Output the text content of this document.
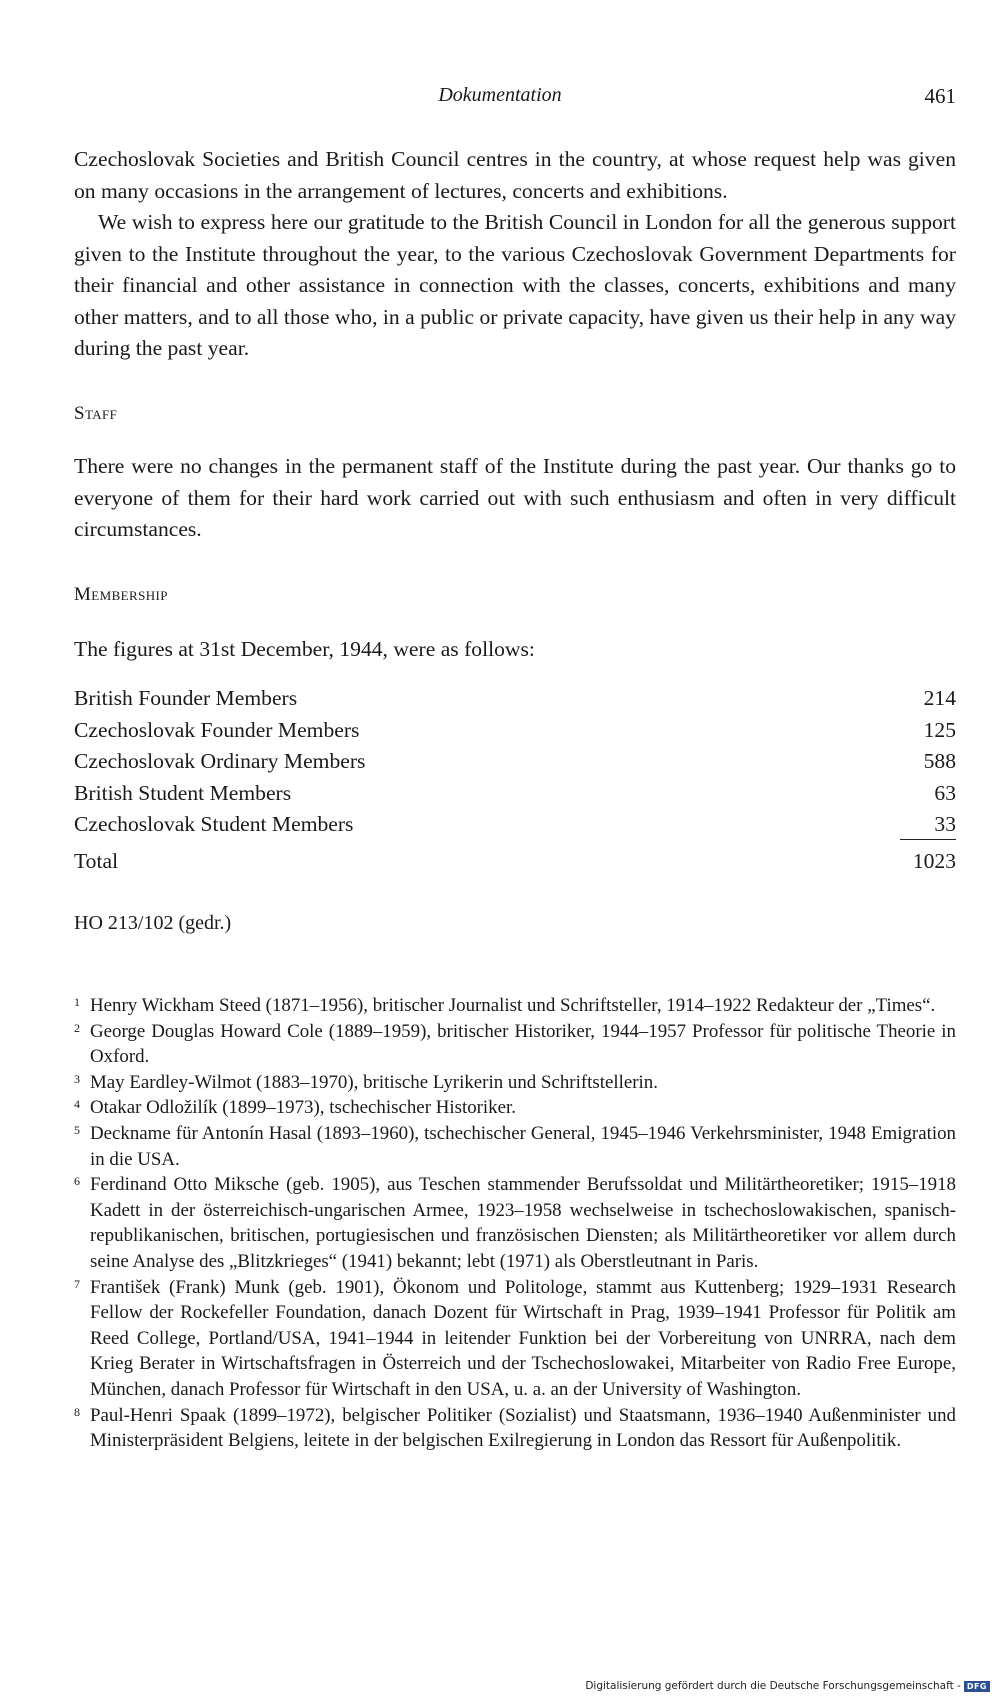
Dokumentation	461

Czechoslovak Societies and British Council centres in the country, at whose request help was given on many occasions in the arrangement of lectures, concerts and exhibitions.

We wish to express here our gratitude to the British Council in London for all the generous support given to the Institute throughout the year, to the various Czechoslovak Government Departments for their financial and other assistance in connection with the classes, concerts, exhibitions and many other matters, and to all those who, in a public or private capacity, have given us their help in any way during the past year.

Staff

There were no changes in the permanent staff of the Institute during the past year. Our thanks go to everyone of them for their hard work carried out with such enthusiasm and often in very difficult circumstances.

Membership

The figures at 31st December, 1944, were as follows:

British Founder Members	214
Czechoslovak Founder Members	125
Czechoslovak Ordinary Members	588
British Student Members	63
Czechoslovak Student Members	33
Total	1023
HO 213/102 (gedr.)
1 Henry Wickham Steed (1871–1956), britischer Journalist und Schriftsteller, 1914–1922 Redakteur der „Times“.
2 George Douglas Howard Cole (1889–1959), britischer Historiker, 1944–1957 Professor für politische Theorie in Oxford.
3 May Eardley-Wilmot (1883–1970), britische Lyrikerin und Schriftstellerin.
4 Otakar Odložilík (1899–1973), tschechischer Historiker.
5 Deckname für Antonín Hasal (1893–1960), tschechischer General, 1945–1946 Verkehrsminister, 1948 Emigration in die USA.
6 Ferdinand Otto Miksche (geb. 1905), aus Teschen stammender Berufssoldat und Militärtheoretiker; 1915–1918 Kadett in der österreichisch-ungarischen Armee, 1923–1958 wechselweise in tschechoslowakischen, spanisch-republikanischen, britischen, portugiesischen und französischen Diensten; als Militärtheoretiker vor allem durch seine Analyse des „Blitzkrieges“ (1941) bekannt; lebt (1971) als Oberstleutnant in Paris.
7 František (Frank) Munk (geb. 1901), Ökonom und Politologe, stammt aus Kuttenberg; 1929–1931 Research Fellow der Rockefeller Foundation, danach Dozent für Wirtschaft in Prag, 1939–1941 Professor für Politik am Reed College, Portland/USA, 1941–1944 in leitender Funktion bei der Vorbereitung von UNRRA, nach dem Krieg Berater in Wirtschaftsfragen in Österreich und der Tschechoslowakei, Mitarbeiter von Radio Free Europe, München, danach Professor für Wirtschaft in den USA, u. a. an der University of Washington.
8 Paul-Henri Spaak (1899–1972), belgischer Politiker (Sozialist) und Staatsmann, 1936–1940 Außenminister und Ministerpräsident Belgiens, leitete in der belgischen Exilregierung in London das Ressort für Außenpolitik.
Digitalisierung gefördert durch die Deutsche Forschungsgemeinschaft - DFG
